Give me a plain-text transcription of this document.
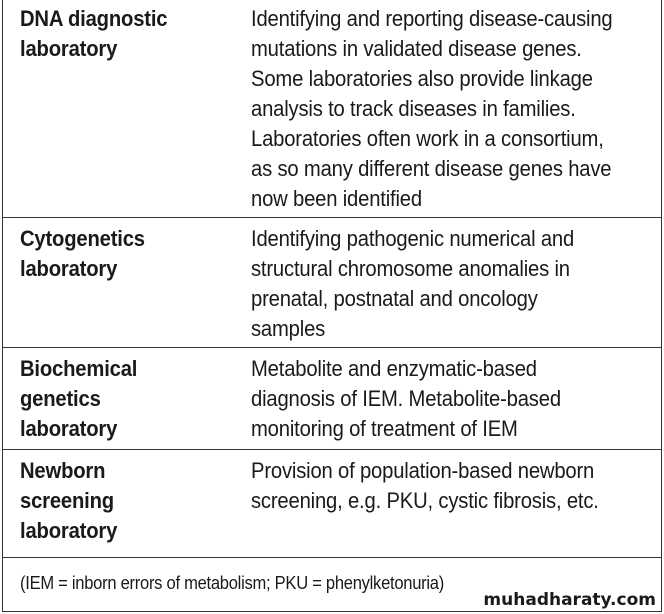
DNA diagnostic
laboratory
Identifying and reporting disease-causing
mutations in validated disease genes.
Some laboratories also provide linkage
analysis to track diseases in families.
Laboratories often work in a consortium,
as so many different disease genes have
now been identified
Cytogenetics
laboratory
Identifying pathogenic numerical and
structural chromosome anomalies in
prenatal, postnatal and oncology
samples
Biochemical
genetics
laboratory
Metabolite and enzymatic-based
diagnosis of IEM. Metabolite-based
monitoring of treatment of IEM
Newborn
screening
laboratory
Provision of population-based newborn
screening, e.g. PKU, cystic fibrosis, etc.
(IEM = inborn errors of metabolism; PKU = phenylketonuria)
muhadharaty.com
